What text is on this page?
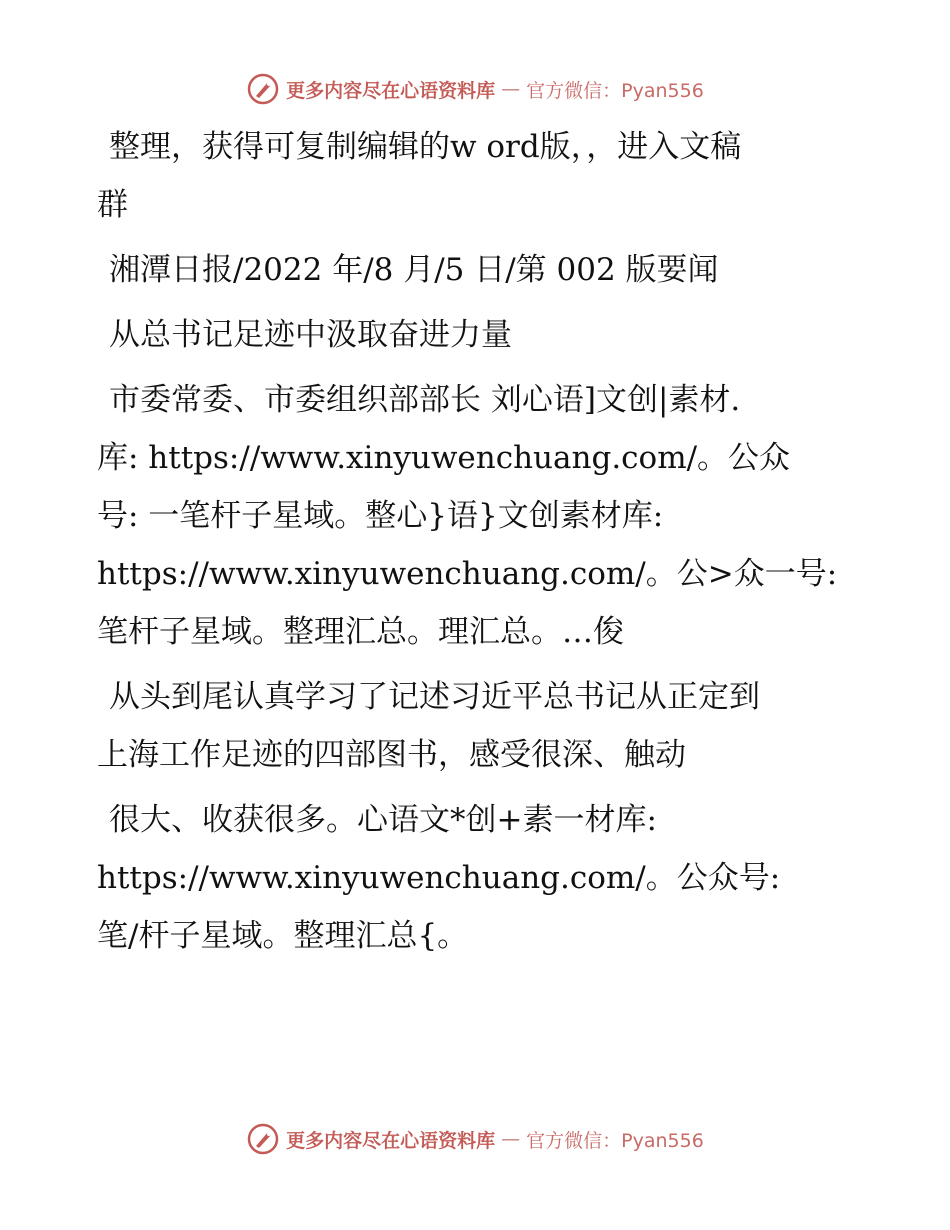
更多内容尽在心语资料库 — 官方微信：Pyan556
整理，获得可复制编辑的w ord版，，进入文稿
群
湘潭日报/2022 年/8 月/5 日/第 002 版要闻
从总书记足迹中汲取奋进力量
市委常委、市委组织部部长 刘心语]文创|素材.
库: https://www.xinyuwenchuang.com/。公众
号: 一笔杆子星域。整心}语}文创素材库:
https://www.xinyuwenchuang.com/。公>众一号:
笔杆子星域。整理汇总。理汇总。…俊
从头到尾认真学习了记述习近平总书记从正定到
上海工作足迹的四部图书，感受很深、触动
很大、收获很多。心语文*创+素一材库:
https://www.xinyuwenchuang.com/。公众号:
笔/杆子星域。整理汇总{。
更多内容尽在心语资料库 — 官方微信：Pyan556
